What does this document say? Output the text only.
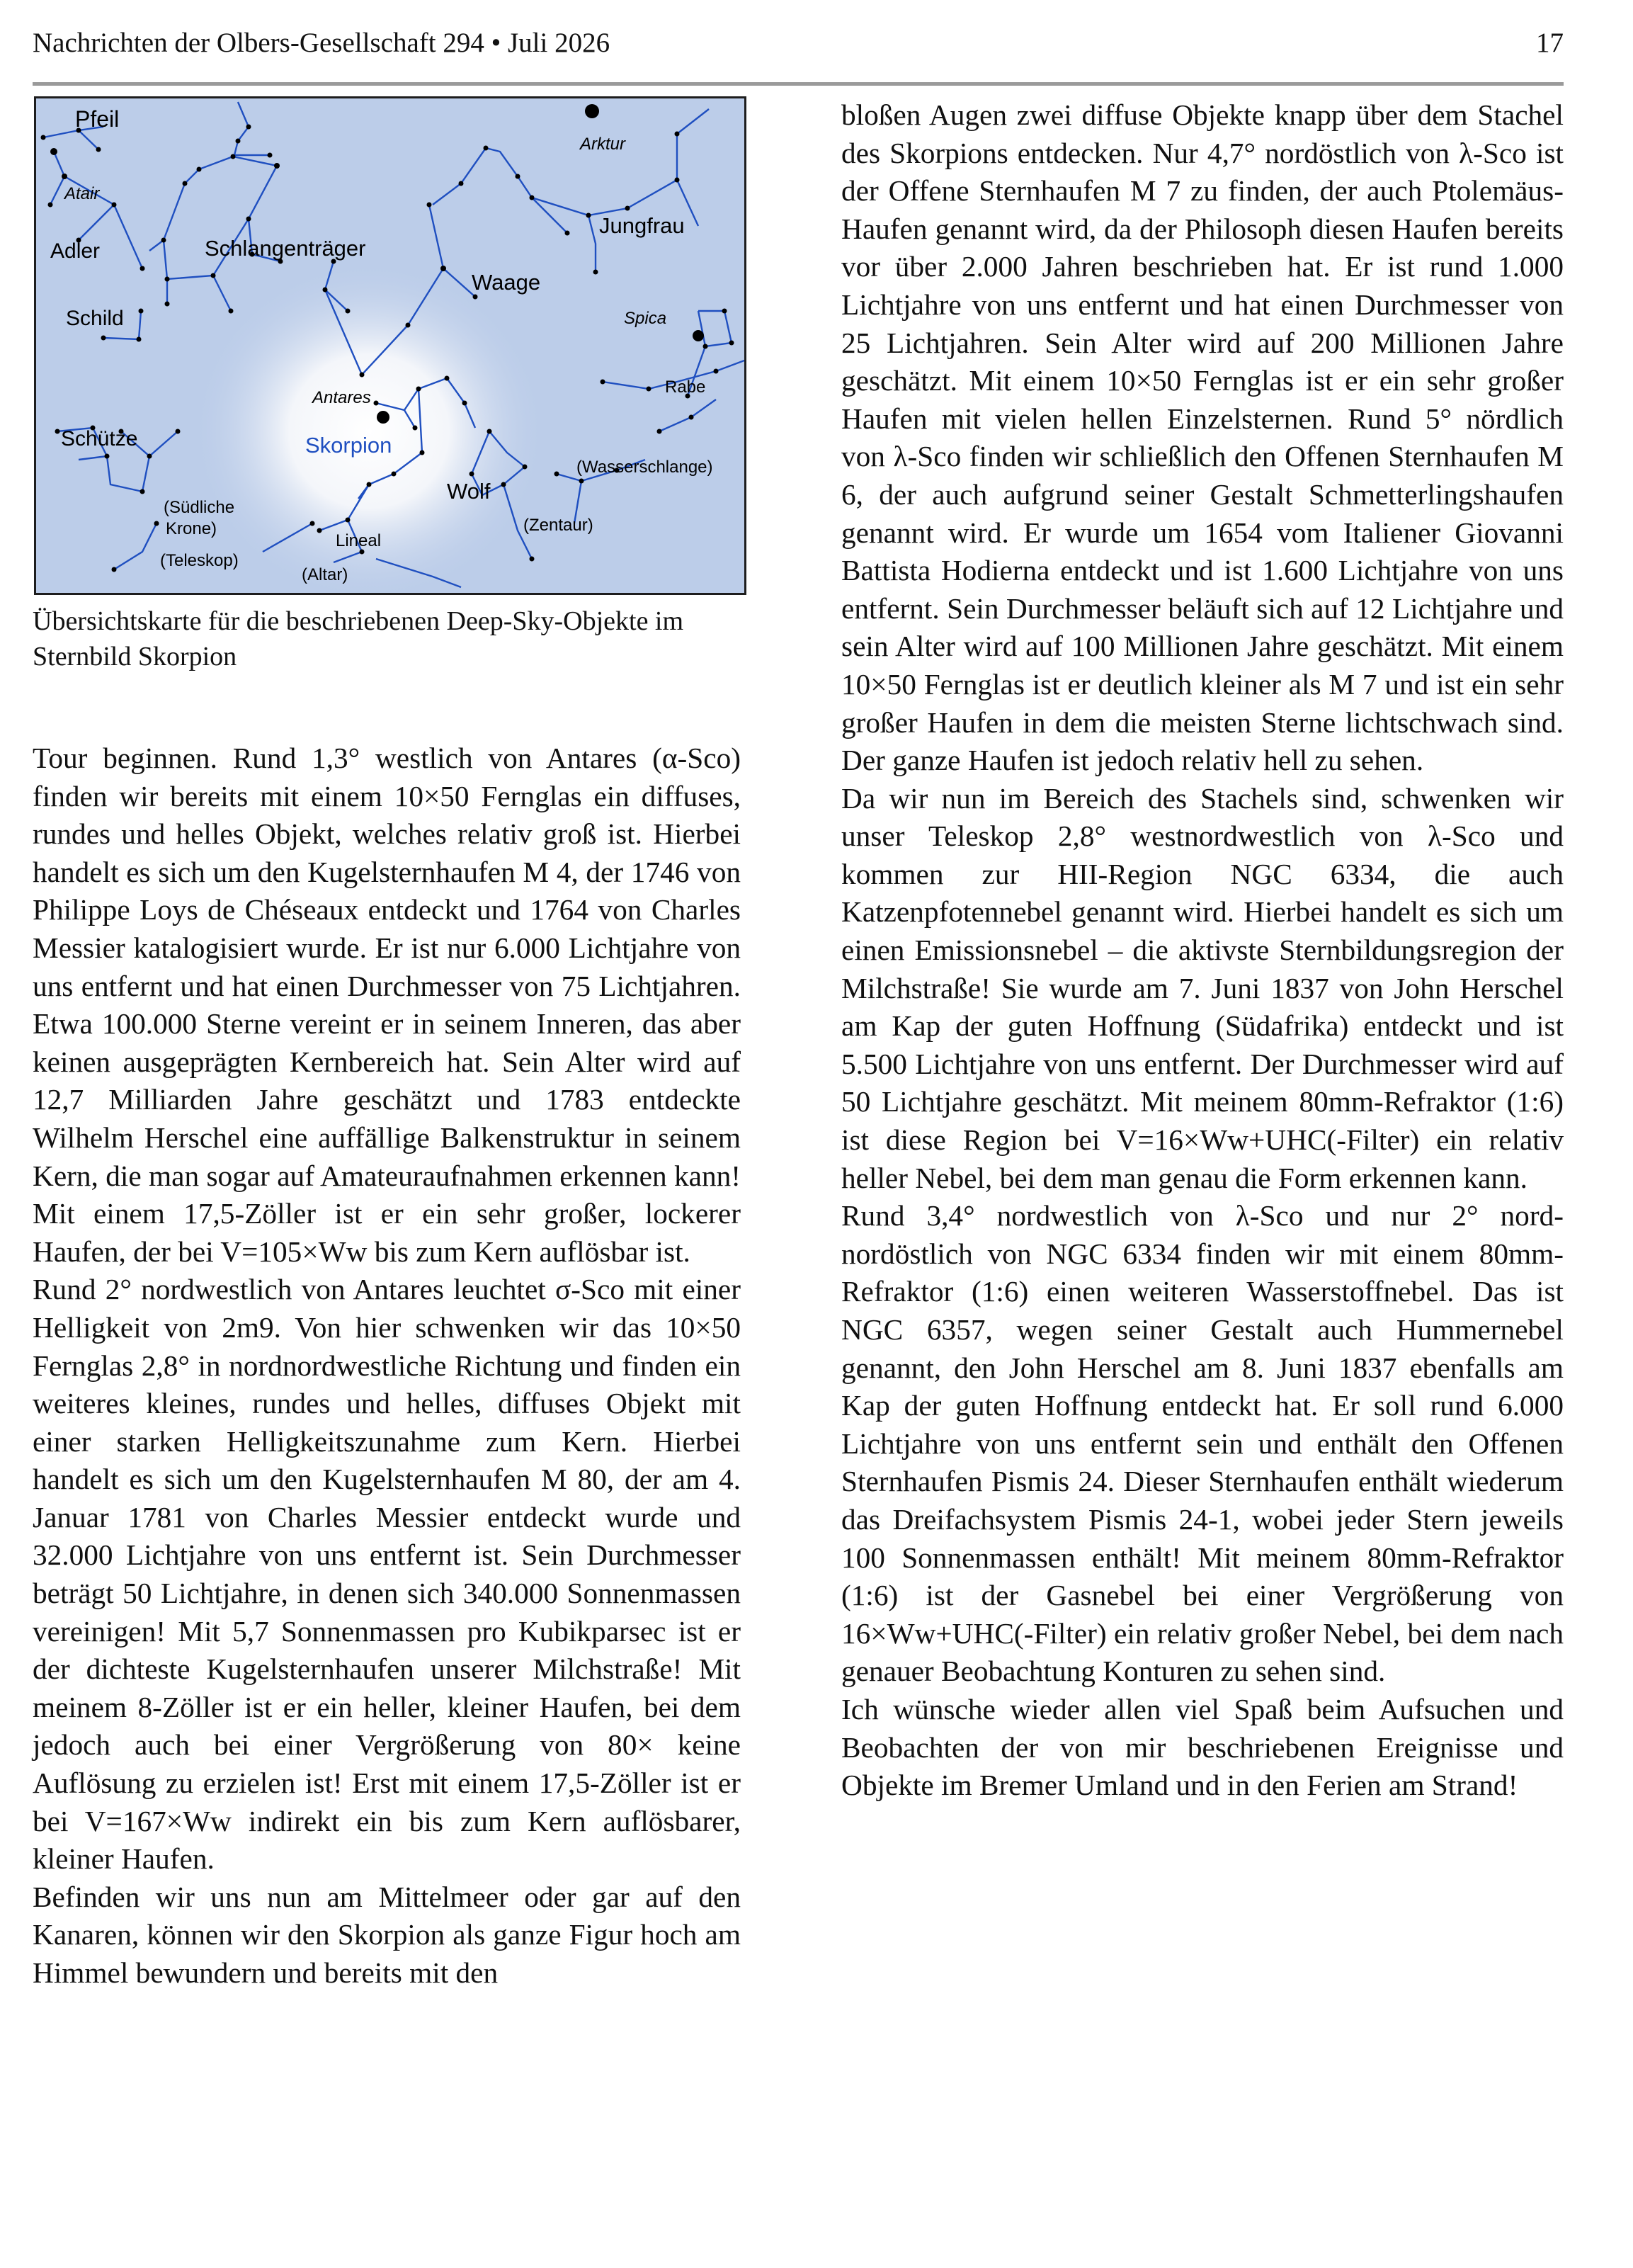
Nachrichten der Olbers-Gesellschaft 294 • Juli 2026	17
Pfeil
Atair
Adler
Schild
Schlangenträger
Arktur
Jungfrau
Waage
Spica
Rabe
Antares
Skorpion
Schütze
(Wasserschlange)
Wolf
(Südliche
Krone)	(Zentaur)
Lineal
(Teleskop)
(Altar)
Übersichtskarte für die beschriebenen Deep-Sky-Objekte im Sternbild Skorpion

Tour beginnen. Rund 1,3° westlich von Antares (α-Sco) finden wir bereits mit einem 10×50 Fernglas ein diffuses, rundes und helles Objekt, welches relativ groß ist. Hierbei handelt es sich um den Kugelsternhaufen M 4, der 1746 von Philippe Loys de Chéseaux entdeckt und 1764 von Charles Messier katalogisiert wurde. Er ist nur 6.000 Lichtjahre von uns entfernt und hat einen Durchmesser von 75 Lichtjahren. Etwa 100.000 Sterne vereint er in seinem Inneren, das aber keinen ausgeprägten Kernbereich hat. Sein Alter wird auf 12,7 Milliarden Jahre geschätzt und 1783 entdeckte Wilhelm Herschel eine auffällige Balkenstruktur in seinem Kern, die man sogar auf Amateuraufnahmen erkennen kann! Mit einem 17,5-Zöller ist er ein sehr großer, lockerer Haufen, der bei V=105×Ww bis zum Kern auflösbar ist.

Rund 2° nordwestlich von Antares leuchtet σ-Sco mit einer Helligkeit von 2m9. Von hier schwenken wir das 10×50 Fernglas 2,8° in nordnordwestliche Richtung und finden ein weiteres kleines, rundes und helles, diffuses Objekt mit einer starken Helligkeitszunahme zum Kern. Hierbei handelt es sich um den Kugelsternhaufen M 80, der am 4. Januar 1781 von Charles Messier entdeckt wurde und 32.000 Lichtjahre von uns entfernt ist. Sein Durchmesser beträgt 50 Lichtjahre, in denen sich 340.000 Sonnenmassen vereinigen! Mit 5,7 Sonnenmassen pro Kubikparsec ist er der dichteste Kugelsternhaufen unserer Milchstraße! Mit meinem 8-Zöller ist er ein heller, kleiner Haufen, bei dem jedoch auch bei einer Vergrößerung von 80× keine Auflösung zu erzielen ist! Erst mit einem 17,5-Zöller ist er bei V=167×Ww indirekt ein bis zum Kern auflösbarer, kleiner Haufen.

Befinden wir uns nun am Mittelmeer oder gar auf den Kanaren, können wir den Skorpion als ganze Figur hoch am Himmel bewundern und bereits mit den

bloßen Augen zwei diffuse Objekte knapp über dem Stachel des Skorpions entdecken. Nur 4,7° nordöstlich von λ-Sco ist der Offene Sternhaufen M 7 zu finden, der auch Ptolemäus-Haufen genannt wird, da der Philosoph diesen Haufen bereits vor über 2.000 Jahren beschrieben hat. Er ist rund 1.000 Lichtjahre von uns entfernt und hat einen Durchmesser von 25 Lichtjahren. Sein Alter wird auf 200 Millionen Jahre geschätzt. Mit einem 10×50 Fernglas ist er ein sehr großer Haufen mit vielen hellen Einzelsternen. Rund 5° nördlich von λ-Sco finden wir schließlich den Offenen Sternhaufen M 6, der auch aufgrund seiner Gestalt Schmetterlingshaufen genannt wird. Er wurde um 1654 vom Italiener Giovanni Battista Hodierna entdeckt und ist 1.600 Lichtjahre von uns entfernt. Sein Durchmesser beläuft sich auf 12 Lichtjahre und sein Alter wird auf 100 Millionen Jahre geschätzt. Mit einem 10×50 Fernglas ist er deutlich kleiner als M 7 und ist ein sehr großer Haufen in dem die meisten Sterne lichtschwach sind. Der ganze Haufen ist jedoch relativ hell zu sehen.

Da wir nun im Bereich des Stachels sind, schwenken wir unser Teleskop 2,8° westnordwestlich von λ-Sco und kommen zur HII-Region NGC 6334, die auch Katzenpfotennebel genannt wird. Hierbei handelt es sich um einen Emissionsnebel – die aktivste Sternbildungsregion der Milchstraße! Sie wurde am 7. Juni 1837 von John Herschel am Kap der guten Hoffnung (Südafrika) entdeckt und ist 5.500 Lichtjahre von uns entfernt. Der Durchmesser wird auf 50 Lichtjahre geschätzt. Mit meinem 80mm-Refraktor (1:6) ist diese Region bei V=16×Ww+UHC(-Filter) ein relativ heller Nebel, bei dem man genau die Form erkennen kann.

Rund 3,4° nordwestlich von λ-Sco und nur 2° nordnordöstlich von NGC 6334 finden wir mit einem 80mm-Refraktor (1:6) einen weiteren Wasserstoffnebel. Das ist NGC 6357, wegen seiner Gestalt auch Hummernebel genannt, den John Herschel am 8. Juni 1837 ebenfalls am Kap der guten Hoffnung entdeckt hat. Er soll rund 6.000 Lichtjahre von uns entfernt sein und enthält den Offenen Sternhaufen Pismis 24. Dieser Sternhaufen enthält wiederum das Dreifachsystem Pismis 24-1, wobei jeder Stern jeweils 100 Sonnenmassen enthält! Mit meinem 80mm-Refraktor (1:6) ist der Gasnebel bei einer Vergrößerung von 16×Ww+UHC(-Filter) ein relativ großer Nebel, bei dem nach genauer Beobachtung Konturen zu sehen sind.

Ich wünsche wieder allen viel Spaß beim Aufsuchen und Beobachten der von mir beschriebenen Ereignisse und Objekte im Bremer Umland und in den Ferien am Strand!
